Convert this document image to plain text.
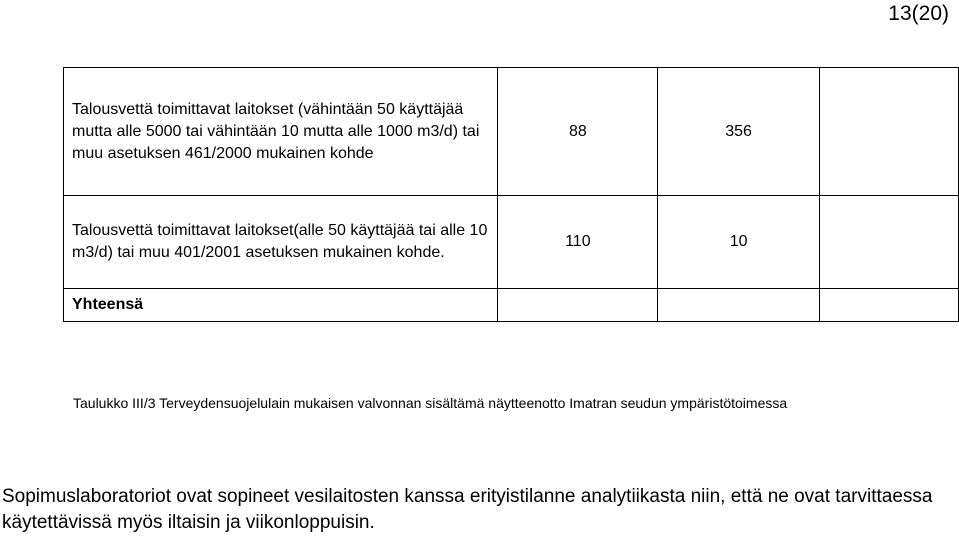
13(20)
Talousvettä toimittavat laitokset (vähintään 50 käyttäjää mutta alle 5000 tai vähintään 10 mutta alle 1000 m3/d) tai muu asetuksen 461/2000 mukainen kohde	88	356	
Talousvettä toimittavat laitokset(alle 50 käyttäjää tai alle 10 m3/d) tai muu 401/2001 asetuksen mukainen kohde.	110	10	
Yhteensä			
Taulukko III/3 Terveydensuojelulain mukaisen valvonnan sisältämä näytteenotto Imatran seudun ympäristötoimessa
Sopimuslaboratoriot ovat sopineet vesilaitosten kanssa erityistilanne analytiikasta niin, että ne ovat tarvittaessa käytettävissä myös iltaisin ja viikonloppuisin.
